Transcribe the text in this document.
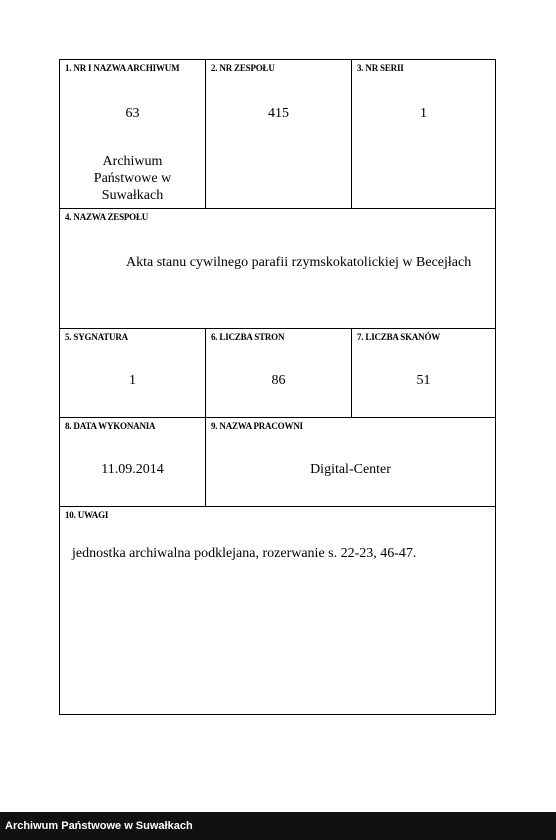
1. NR I NAZWA ARCHIWUM
63
Archiwum
Państwowe w
Suwałkach
2. NR ZESPOŁU
415
3. NR SERII
1
4. NAZWA ZESPOŁU
Akta stanu cywilnego parafii rzymskokatolickiej w Becejłach
5. SYGNATURA
1
6. LICZBA STRON
86
7. LICZBA SKANÓW
51
8. DATA WYKONANIA
11.09.2014
9. NAZWA PRACOWNI
Digital-Center
10. UWAGI
jednostka archiwalna podklejana, rozerwanie s. 22-23, 46-47.
Archiwum Państwowe w Suwałkach
